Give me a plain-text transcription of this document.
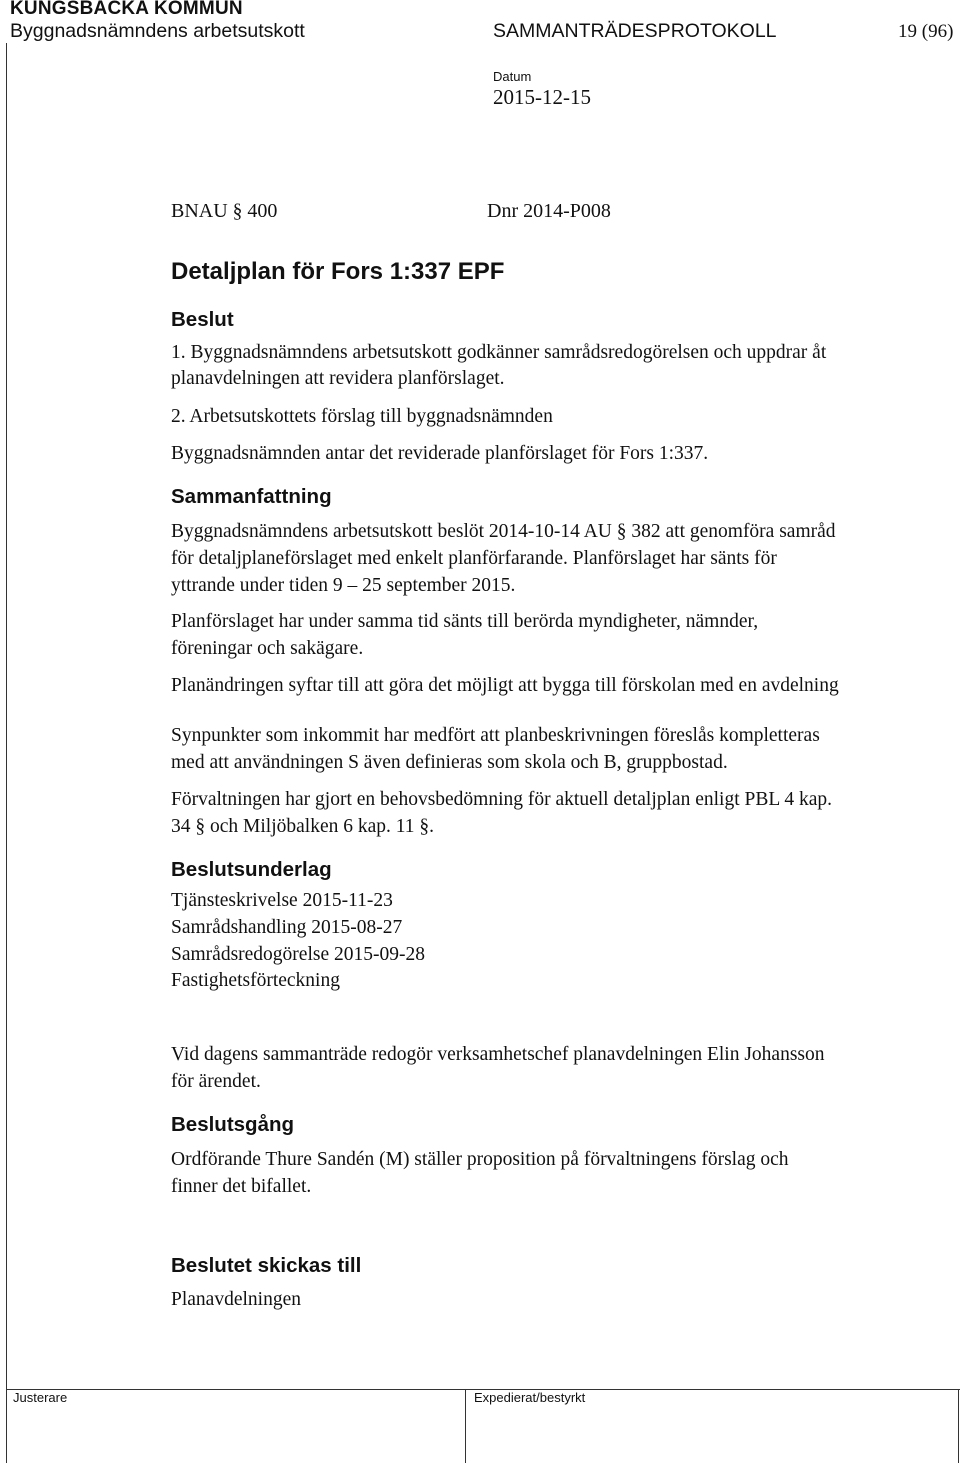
KUNGSBACKA KOMMUN
Byggnadsnämndens arbetsutskott	SAMMANTRÄDESPROTOKOLL	19 (96)
Datum
2015-12-15
BNAU § 400	Dnr 2014-P008
Detaljplan för Fors 1:337 EPF
Beslut
1. Byggnadsnämndens arbetsutskott godkänner samrådsredogörelsen och uppdrar åt
planavdelningen att revidera planförslaget.
2. Arbetsutskottets förslag till byggnadsnämnden
Byggnadsnämnden antar det reviderade planförslaget för Fors 1:337.
Sammanfattning
Byggnadsnämndens arbetsutskott beslöt 2014-10-14 AU § 382 att genomföra samråd
för detaljplaneförslaget med enkelt planförfarande. Planförslaget har sänts för
yttrande under tiden 9 – 25 september 2015.
Planförslaget har under samma tid sänts till berörda myndigheter, nämnder,
föreningar och sakägare.
Planändringen syftar till att göra det möjligt att bygga till förskolan med en avdelning
Synpunkter som inkommit har medfört att planbeskrivningen föreslås kompletteras
med att användningen S även definieras som skola och B, gruppbostad.
Förvaltningen har gjort en behovsbedömning för aktuell detaljplan enligt PBL 4 kap.
34 § och Miljöbalken 6 kap. 11 §.
Beslutsunderlag
Tjänsteskrivelse 2015-11-23
Samrådshandling 2015-08-27
Samrådsredogörelse 2015-09-28
Fastighetsförteckning
Vid dagens sammanträde redogör verksamhetschef planavdelningen Elin Johansson
för ärendet.
Beslutsgång
Ordförande Thure Sandén (M) ställer proposition på förvaltningens förslag och
finner det bifallet.
Beslutet skickas till
Planavdelningen
Justerare	Expedierat/bestyrkt
